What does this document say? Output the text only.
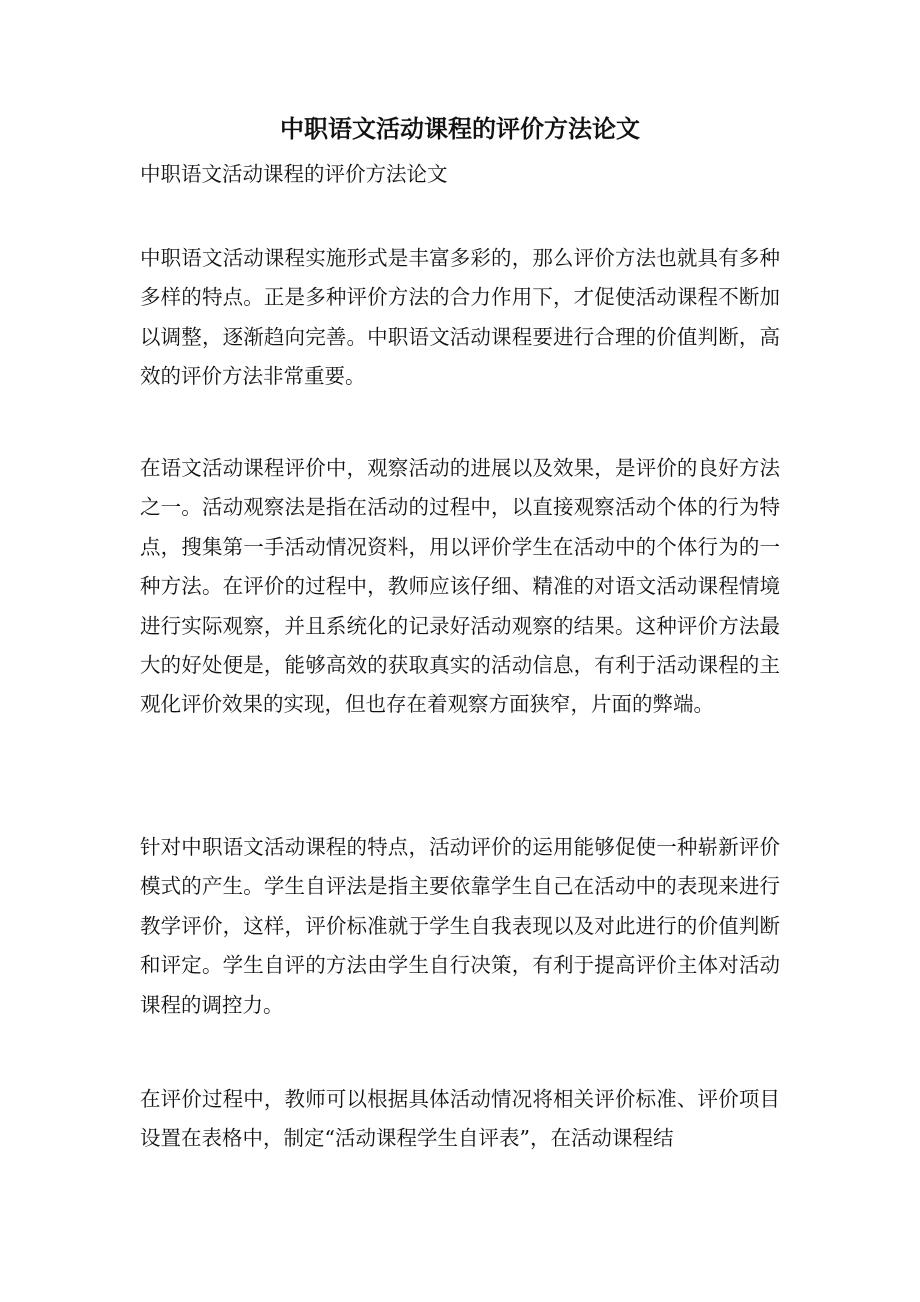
中职语文活动课程的评价方法论文

中职语文活动课程的评价方法论文

中职语文活动课程实施形式是丰富多彩的，那么评价方法也就具有多种多样的特点。正是多种评价方法的合力作用下，才促使活动课程不断加以调整，逐渐趋向完善。中职语文活动课程要进行合理的价值判断，高效的评价方法非常重要。

在语文活动课程评价中，观察活动的进展以及效果，是评价的良好方法之一。活动观察法是指在活动的过程中，以直接观察活动个体的行为特点，搜集第一手活动情况资料，用以评价学生在活动中的个体行为的一种方法。在评价的过程中，教师应该仔细、精准的对语文活动课程情境进行实际观察，并且系统化的记录好活动观察的结果。这种评价方法最大的好处便是，能够高效的获取真实的活动信息，有利于活动课程的主观化评价效果的实现，但也存在着观察方面狭窄，片面的弊端。

针对中职语文活动课程的特点，活动评价的运用能够促使一种崭新评价模式的产生。学生自评法是指主要依靠学生自己在活动中的表现来进行教学评价，这样，评价标准就于学生自我表现以及对此进行的价值判断和评定。学生自评的方法由学生自行决策，有利于提高评价主体对活动课程的调控力。

在评价过程中，教师可以根据具体活动情况将相关评价标准、评价项目设置在表格中，制定“活动课程学生自评表”，在活动课程结
